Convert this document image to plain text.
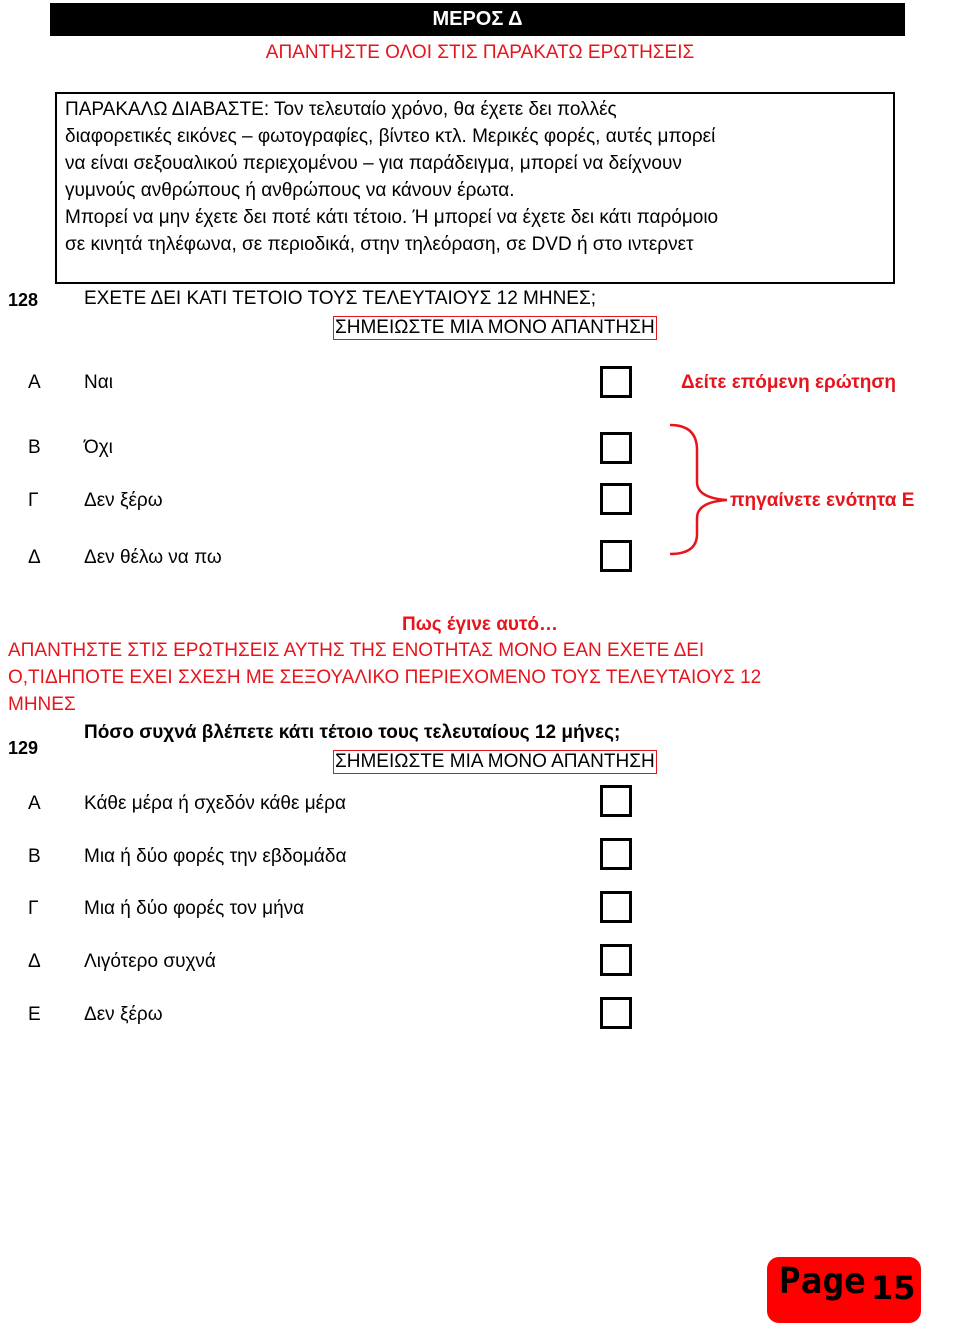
ΜΕΡΟΣ Δ
ΑΠΑΝΤΗΣΤΕ ΟΛΟΙ ΣΤΙΣ ΠΑΡΑΚΑΤΩ ΕΡΩΤΗΣΕΙΣ

ΠΑΡΑΚΑΛΩ ΔΙΑΒΑΣΤΕ: Τον τελευταίο χρόνο, θα έχετε δει πολλές

διαφορετικές εικόνες – φωτογραφίες, βίντεο κτλ. Μερικές φορές, αυτές μπορεί

να είναι σεξουαλικού περιεχομένου – για παράδειγμα, μπορεί να δείχνουν

γυμνούς ανθρώπους ή ανθρώπους να κάνουν έρωτα.

Μπορεί να μην έχετε δει ποτέ κάτι τέτοιο. Ή μπορεί να έχετε δει κάτι παρόμοιο

σε κινητά τηλέφωνα, σε περιοδικά, στην τηλεόραση, σε DVD ή στο ιντερνετ

128 ΕΧΕΤΕ ΔΕΙ ΚΑΤΙ ΤΕΤΟΙΟ ΤΟΥΣ ΤΕΛΕΥΤΑΙΟΥΣ 12 ΜΗΝΕΣ;
ΣΗΜΕΙΩΣΤΕ ΜΙΑ ΜΟΝΟ ΑΠΑΝΤΗΣΗ
Α Ναι	Δείτε επόμενη ερώτηση
Β Όχι
Γ Δεν ξέρω
Δ Δεν θέλω να πω
πηγαίνετε ενότητα Ε
Πως έγινε αυτό…
ΑΠΑΝΤΗΣΤΕ ΣΤΙΣ ΕΡΩΤΗΣΕΙΣ ΑΥΤΗΣ ΤΗΣ ΕΝΟΤΗΤΑΣ ΜΟΝΟ ΕΑΝ ΕΧΕΤΕ ΔΕΙ
Ο,ΤΙΔΗΠΟΤΕ ΕΧΕΙ ΣΧΕΣΗ ΜΕ ΣΕΞΟΥΑΛΙΚΟ ΠΕΡΙΕΧΟΜΕΝΟ ΤΟΥΣ ΤΕΛΕΥΤΑΙΟΥΣ 12
ΜΗΝΕΣ
129
Πόσο συχνά βλέπετε κάτι τέτοιο τους τελευταίους 12 μήνες;
ΣΗΜΕΙΩΣΤΕ ΜΙΑ ΜΟΝΟ ΑΠΑΝΤΗΣΗ
Α Κάθε μέρα ή σχεδόν κάθε μέρα
Β Μια ή δύο φορές την εβδομάδα
Γ Μια ή δύο φορές τον μήνα
Δ Λιγότερο συχνά
Ε Δεν ξέρω
Page 15
